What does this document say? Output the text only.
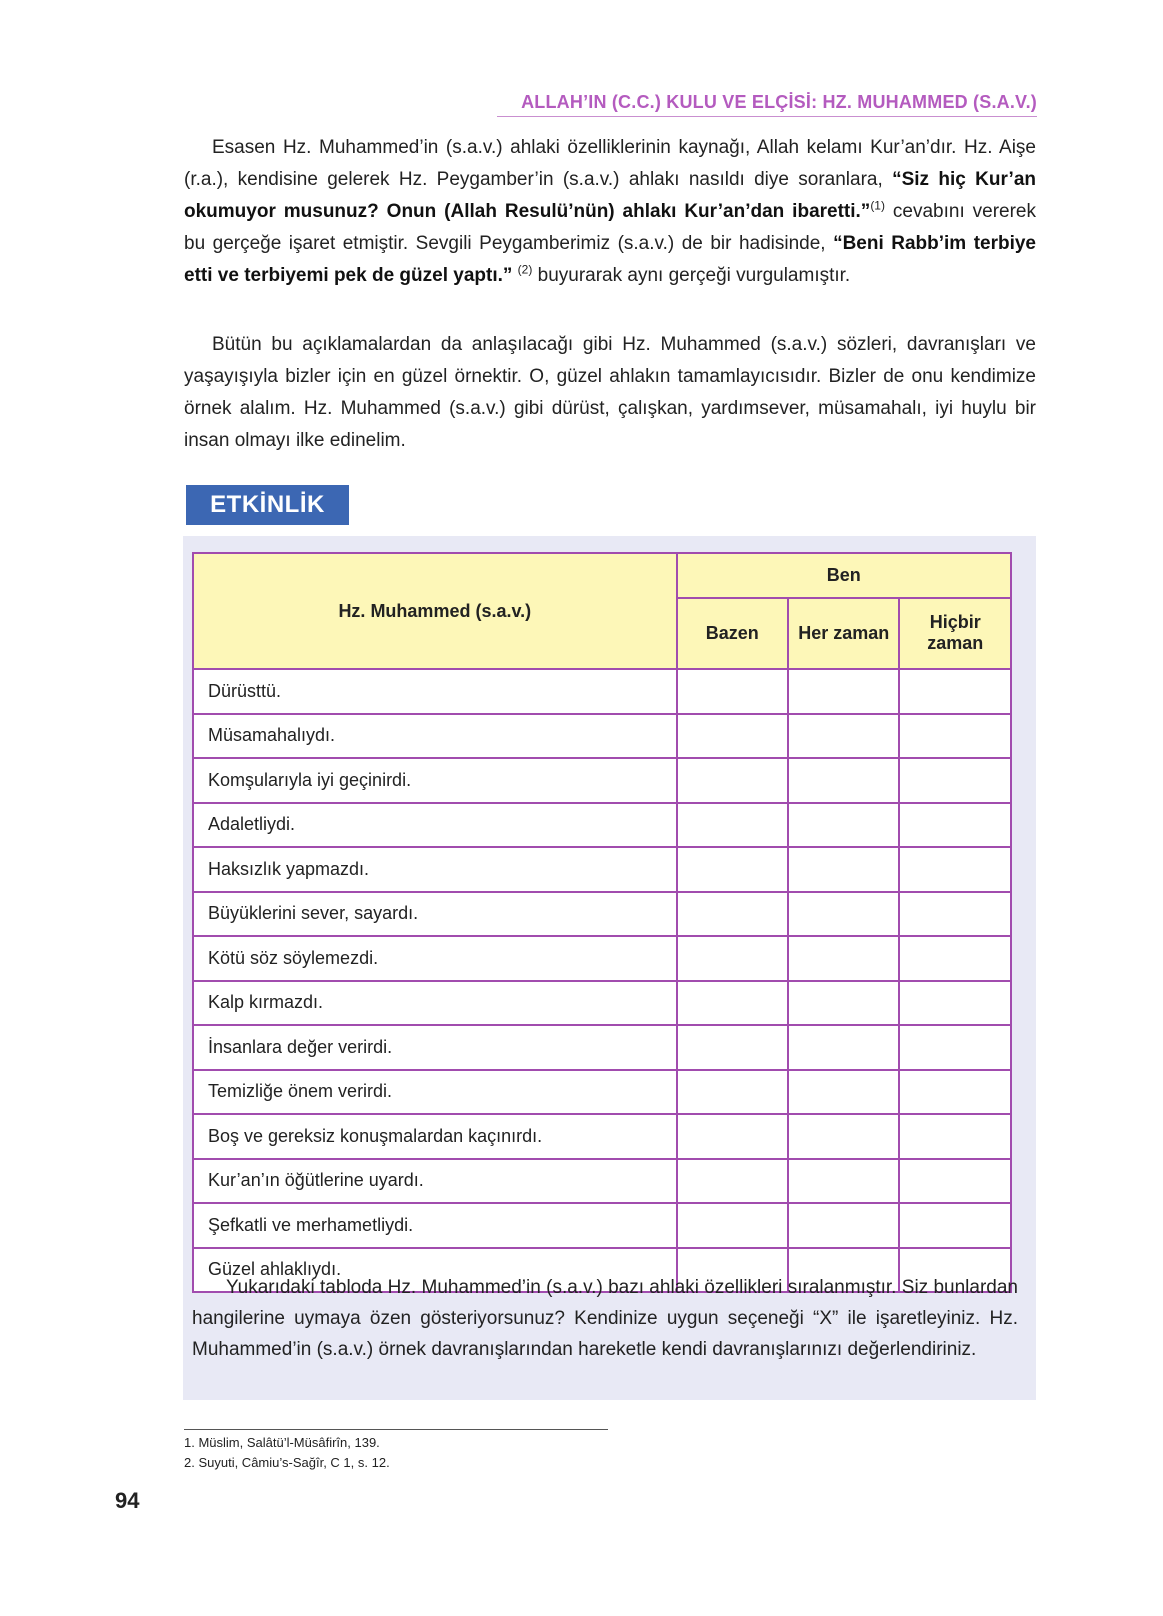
ALLAH’IN (C.C.) KULU VE ELÇİSİ: HZ. MUHAMMED (S.A.V.)

Esasen Hz. Muhammed’in (s.a.v.) ahlaki özelliklerinin kaynağı, Allah kelamı Kur’an’dır. Hz. Aişe (r.a.), kendisine gelerek Hz. Peygamber’in (s.a.v.) ahlakı nasıldı diye soranlara, “Siz hiç Kur’an okumuyor musunuz? Onun (Allah Resulü’nün) ahlakı Kur’an’dan ibaretti.”$^{(1)}$ cevabını vererek bu gerçeğe işaret etmiştir. Sevgili Peygamberimiz (s.a.v.) de bir hadisinde, “Beni Rabb’im terbiye etti ve terbiyemi pek de güzel yaptı.” $^{(2)}$ buyurarak aynı gerçeği vurgulamıştır.

Bütün bu açıklamalardan da anlaşılacağı gibi Hz. Muhammed (s.a.v.) sözleri, davranışları ve yaşayışıyla bizler için en güzel örnektir. O, güzel ahlakın tamamlayıcısıdır. Bizler de onu kendimize örnek alalım. Hz. Muhammed (s.a.v.) gibi dürüst, çalışkan, yardımsever, müsamahalı, iyi huylu bir insan olmayı ilke edinelim.

ETKİNLİK
Hz. Muhammed (s.a.v.)	Ben		
	Bazen	Her zaman	Hiçbir zaman
Dürüsttü.			
Müsamahalıydı.			
Komşularıyla iyi geçinirdi.			
Adaletliydi.			
Haksızlık yapmazdı.			
Büyüklerini sever, sayardı.			
Kötü söz söylemezdi.			
Kalp kırmazdı.			
İnsanlara değer verirdi.			
Temizliğe önem verirdi.			
Boş ve gereksiz konuşmalardan kaçınırdı.			
Kur’an’ın öğütlerine uyardı.			
Şefkatli ve merhametliydi.			
Güzel ahlaklıydı.			

Yukarıdaki tabloda Hz. Muhammed’in (s.a.v.) bazı ahlaki özellikleri sıralanmıştır. Siz bunlardan hangilerine uymaya özen gösteriyorsunuz? Kendinize uygun seçeneği “X” ile işaretleyiniz. Hz. Muhammed’in (s.a.v.) örnek davranışlarından hareketle kendi davranışlarınızı değerlendiriniz.

1. Müslim, Salâtü’l-Müsâfirîn, 139.
2. Suyuti, Câmiu’s-Sağîr, C 1, s. 12.
94
